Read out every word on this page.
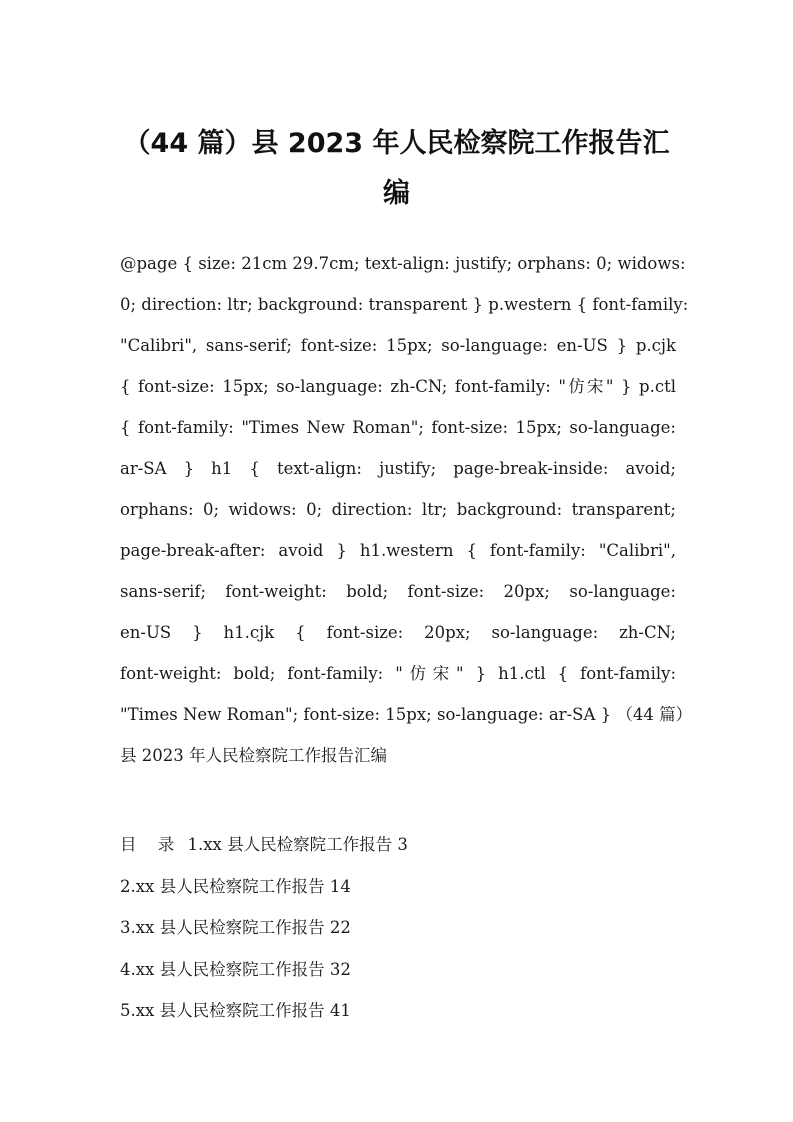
（44 篇）县 2023 年人民检察院工作报告汇
编
@page { size: 21cm 29.7cm; text-align: justify; orphans: 0; widows:
0; direction: ltr; background: transparent } p.western { font-family:
"Calibri", sans-serif; font-size: 15px; so-language: en-US } p.cjk
{ font-size: 15px; so-language: zh-CN; font-family: "仿宋" } p.ctl
{ font-family: "Times New Roman"; font-size: 15px; so-language:
ar-SA } h1 { text-align: justify; page-break-inside: avoid;
orphans: 0; widows: 0; direction: ltr; background: transparent;
page-break-after: avoid } h1.western { font-family: "Calibri",
sans-serif; font-weight: bold; font-size: 20px; so-language:
en-US } h1.cjk { font-size: 20px; so-language: zh-CN;
font-weight: bold; font-family: "仿宋" } h1.ctl { font-family:
"Times New Roman"; font-size: 15px; so-language: ar-SA } （44 篇）
县 2023 年人民检察院工作报告汇编
目 录 1.xx 县人民检察院工作报告 3
2.xx 县人民检察院工作报告 14
3.xx 县人民检察院工作报告 22
4.xx 县人民检察院工作报告 32
5.xx 县人民检察院工作报告 41
